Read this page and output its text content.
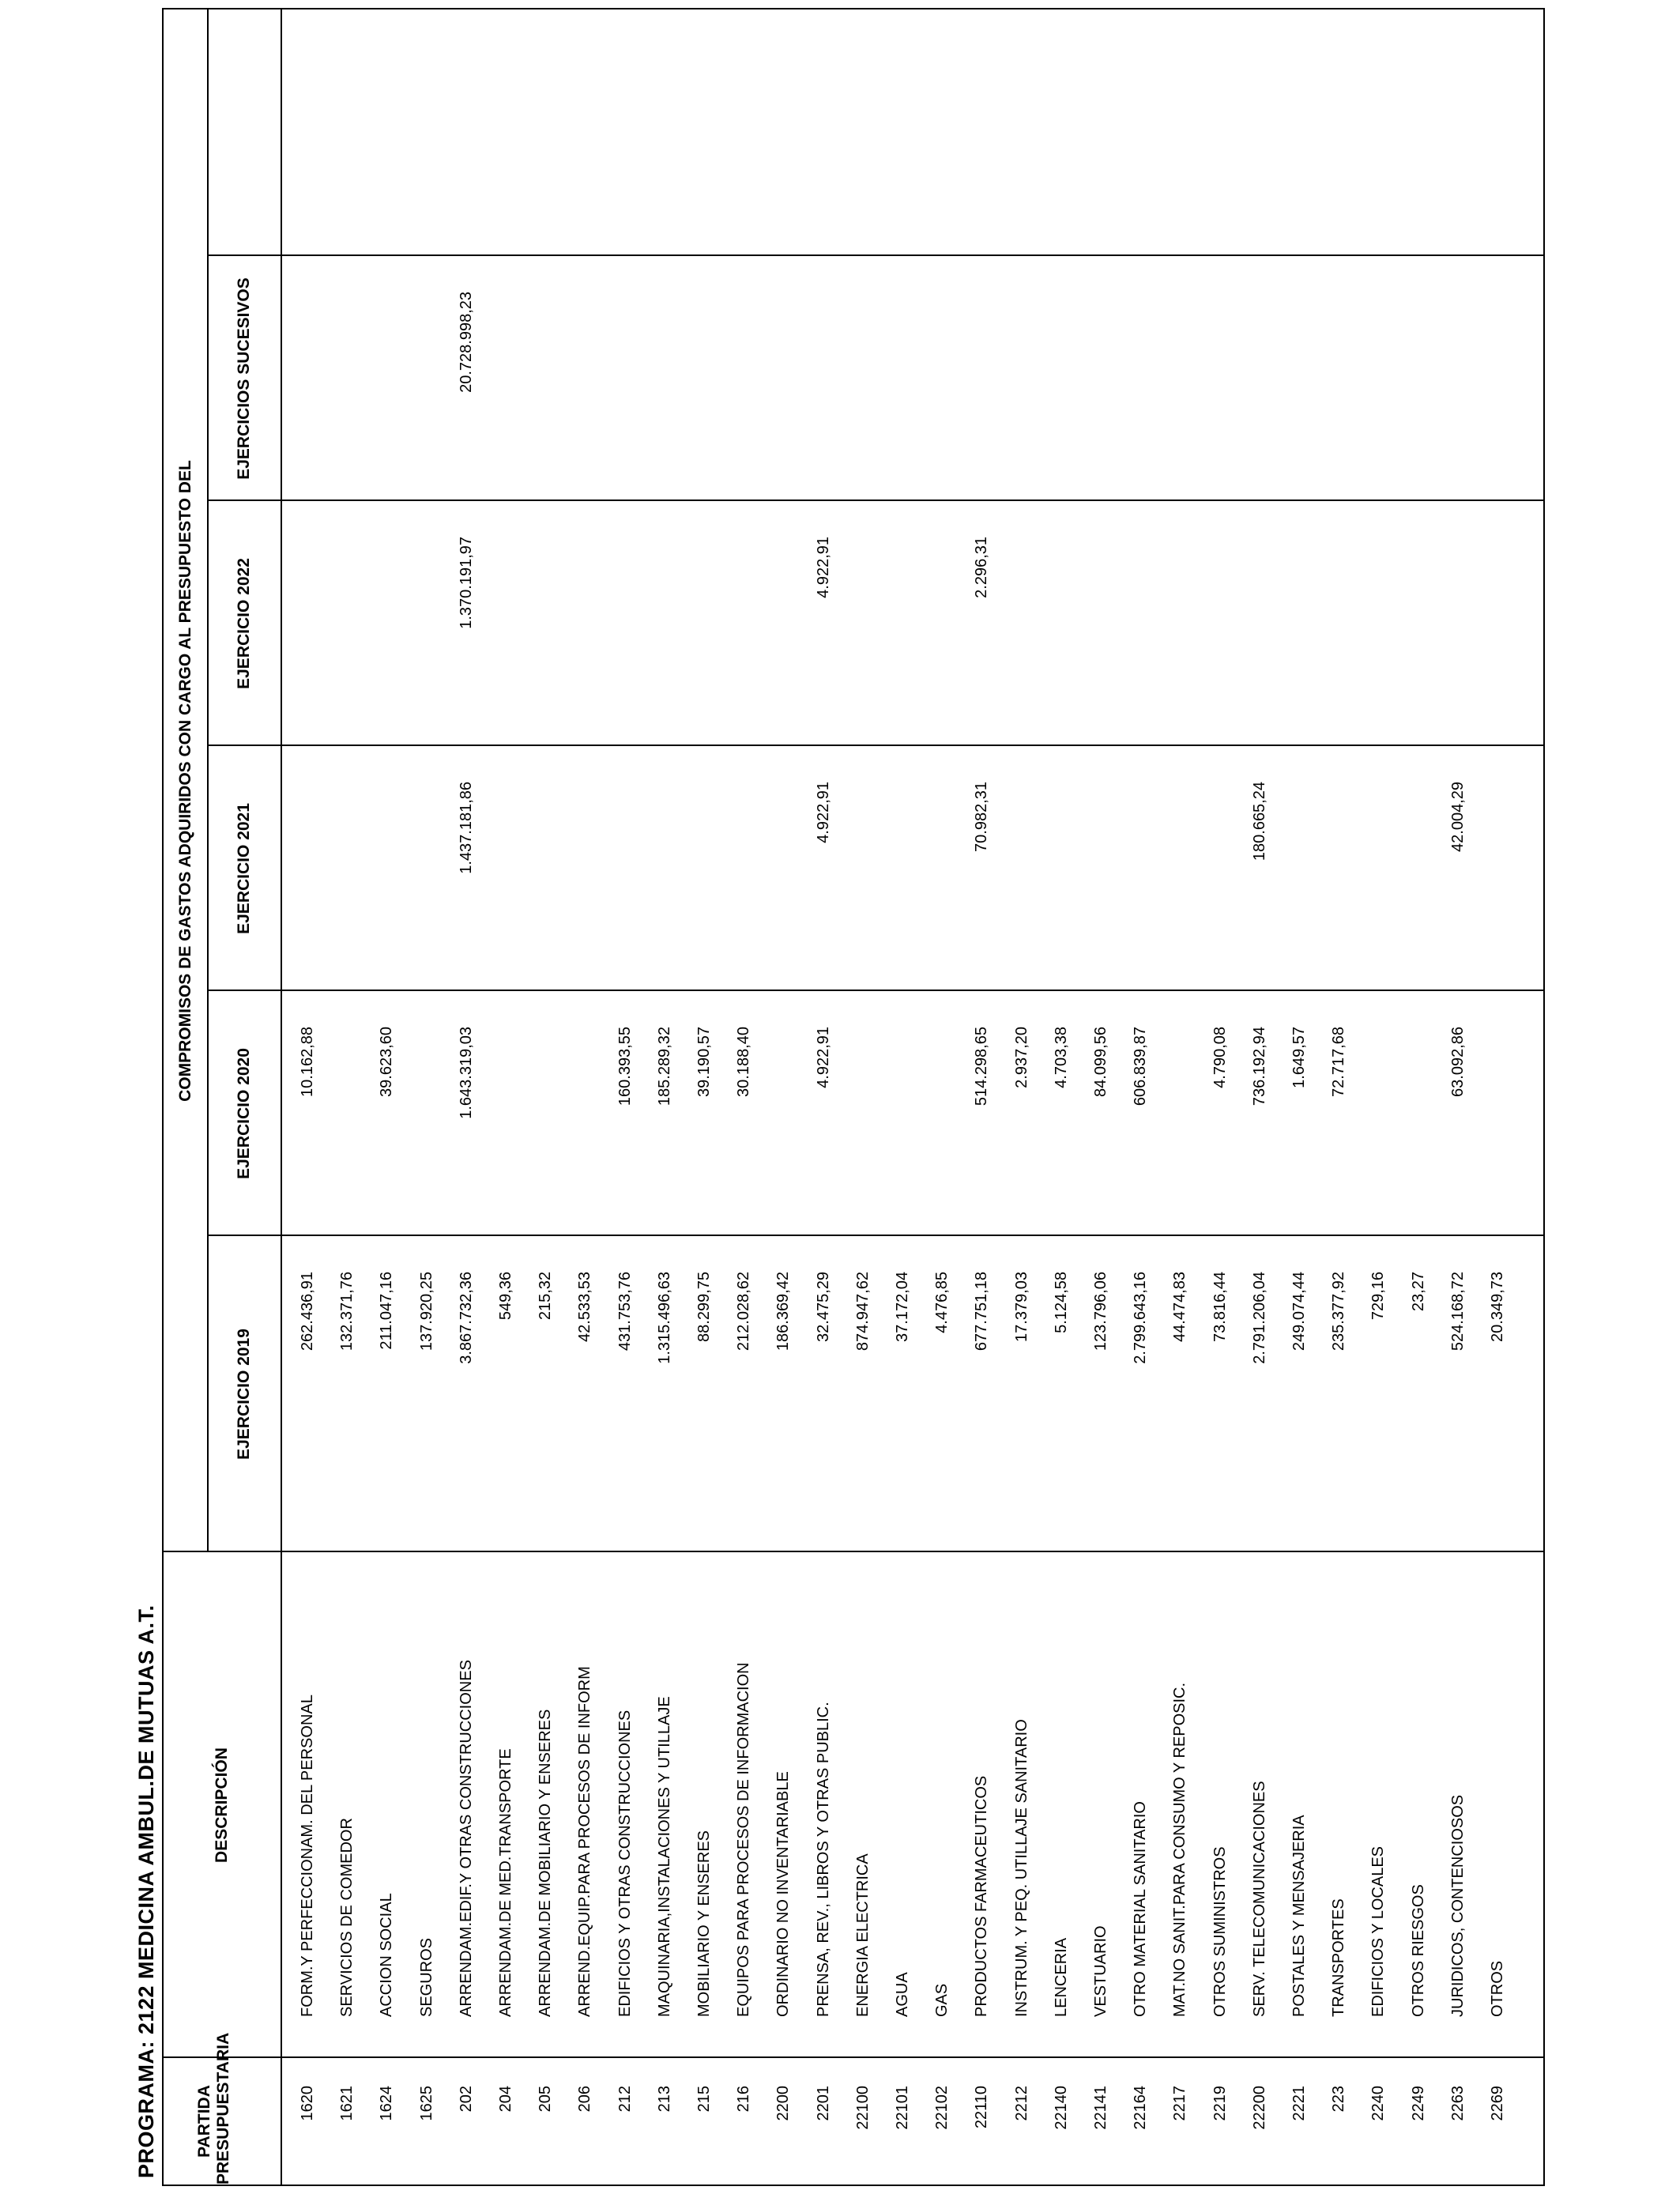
PROGRAMA: 2122 MEDICINA AMBUL.DE MUTUAS A.T. PARTIDA PRESUPUESTARIA
DESCRIPCIÓN
COMPROMISOS DE GASTOS ADQUIRIDOS CON CARGO AL PRESUPUESTO DEL
EJERCICIO 2019
EJERCICIO 2020
EJERCICIO 2021
EJERCICIO 2022
EJERCICIOS SUCESIVOS
1620
FORM.Y PERFECCIONAM. DEL PERSONAL
262.436,91
10.162,88
1621
SERVICIOS DE COMEDOR
132.371,76
1624
ACCION SOCIAL
211.047,16
39.623,60
1625
SEGUROS
137.920,25
202
ARRENDAM.EDIF.Y OTRAS CONSTRUCCIONES
3.867.732,36
1.643.319,03
1.437.181,86
1.370.191,97
20.728.998,23
204
ARRENDAM.DE MED.TRANSPORTE
549,36
205
ARRENDAM.DE MOBILIARIO Y ENSERES
215,32
206
ARREND.EQUIP.PARA PROCESOS DE INFORM
42.533,53
212
EDIFICIOS Y OTRAS CONSTRUCCIONES
431.753,76
160.393,55
213
MAQUINARIA,INSTALACIONES Y UTILLAJE
1.315.496,63
185.289,32
215
MOBILIARIO Y ENSERES
88.299,75
39.190,57
216
EQUIPOS PARA PROCESOS DE INFORMACION
212.028,62
30.188,40
2200
ORDINARIO NO INVENTARIABLE
186.369,42
2201
PRENSA, REV., LIBROS Y OTRAS PUBLIC.
32.475,29
4.922,91
4.922,91
4.922,91
22100
ENERGIA ELECTRICA
874.947,62
22101
AGUA
37.172,04
22102
GAS
4.476,85
22110
PRODUCTOS FARMACEUTICOS
677.751,18
514.298,65
70.982,31
2.296,31
2212
INSTRUM. Y PEQ. UTILLAJE SANITARIO
17.379,03
2.937,20
22140
LENCERIA
5.124,58
4.703,38
22141
VESTUARIO
123.796,06
84.099,56
22164
OTRO MATERIAL SANITARIO
2.799.643,16
606.839,87
2217
MAT.NO SANIT.PARA CONSUMO Y REPOSIC.
44.474,83
2219
OTROS SUMINISTROS
73.816,44
4.790,08
22200
SERV. TELECOMUNICACIONES
2.791.206,04
736.192,94
180.665,24
2221
POSTALES Y MENSAJERIA
249.074,44
1.649,57
223
TRANSPORTES
235.377,92
72.717,68
2240
EDIFICIOS Y LOCALES
729,16
2249
OTROS RIESGOS
23,27
2263
JURIDICOS, CONTENCIOSOS
524.168,72
63.092,86
42.004,29
2269
OTROS
20.349,73
